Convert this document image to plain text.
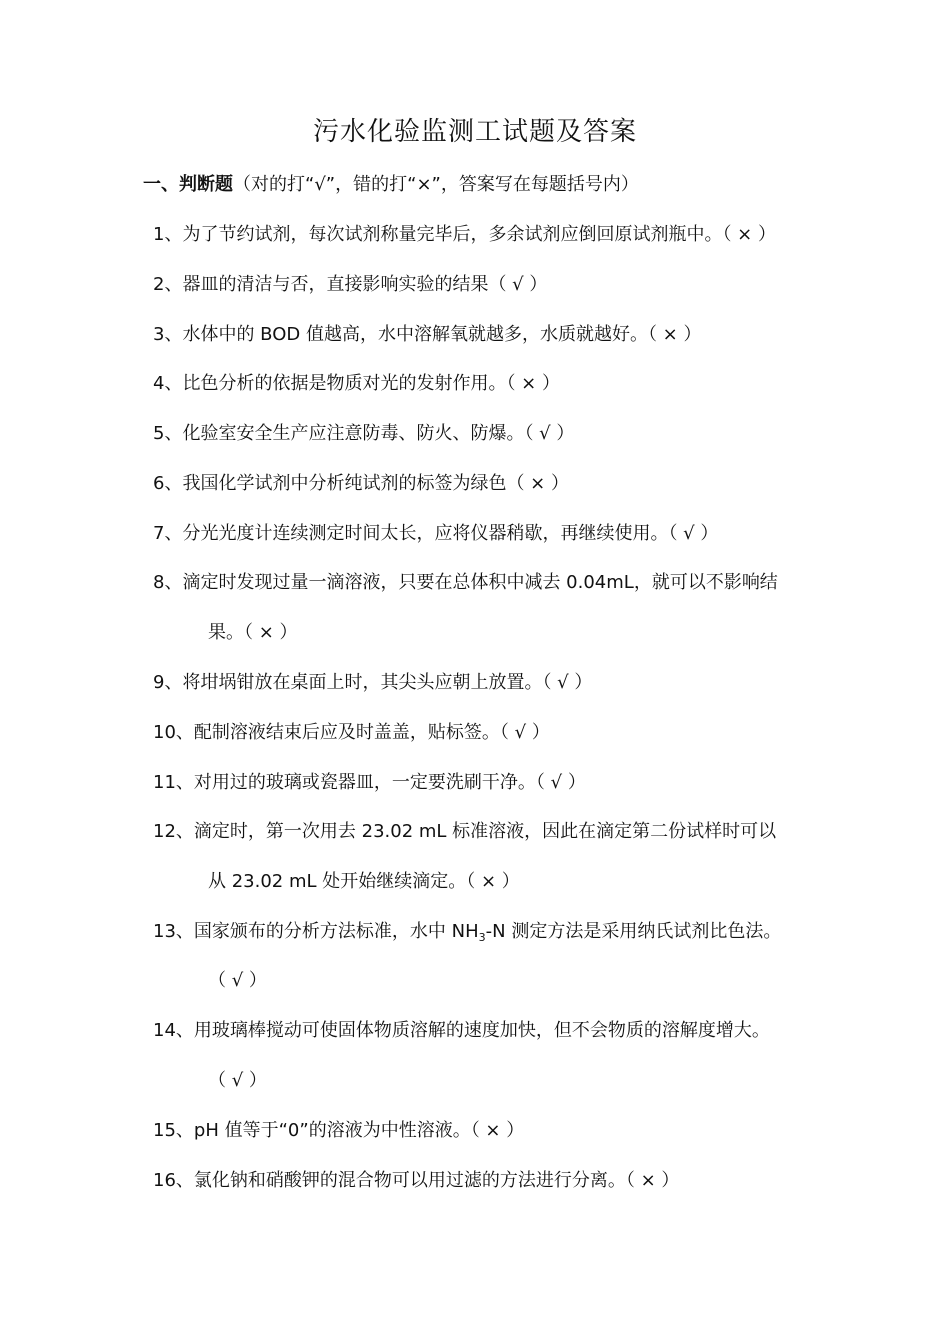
污水化验监测工试题及答案
一、判断题（对的打“√”，错的打“×”，答案写在每题括号内）
1、为了节约试剂，每次试剂称量完毕后，多余试剂应倒回原试剂瓶中。（ × ）
2、器皿的清洁与否，直接影响实验的结果（ √ ）
3、水体中的 BOD 值越高，水中溶解氧就越多，水质就越好。（ × ）
4、比色分析的依据是物质对光的发射作用。（ × ）
5、化验室安全生产应注意防毒、防火、防爆。（ √ ）
6、我国化学试剂中分析纯试剂的标签为绿色（ × ）
7、分光光度计连续测定时间太长，应将仪器稍歇，再继续使用。（ √ ）
8、滴定时发现过量一滴溶液，只要在总体积中减去 0.04mL，就可以不影响结
果。（ × ）
9、将坩埚钳放在桌面上时，其尖头应朝上放置。（ √ ）
10、配制溶液结束后应及时盖盖，贴标签。（ √ ）
11、对用过的玻璃或瓷器皿，一定要洗刷干净。（ √ ）
12、滴定时，第一次用去 23.02 mL 标准溶液，因此在滴定第二份试样时可以
从 23.02 mL 处开始继续滴定。（ × ）
13、国家颁布的分析方法标准，水中 $NH_3-N$ 测定方法是采用纳氏试剂比色法。
（ √ ）
14、用玻璃棒搅动可使固体物质溶解的速度加快，但不会物质的溶解度增大。
（ √ ）
15、pH 值等于“0”的溶液为中性溶液。（ × ）
16、氯化钠和硝酸钾的混合物可以用过滤的方法进行分离。（ × ）
